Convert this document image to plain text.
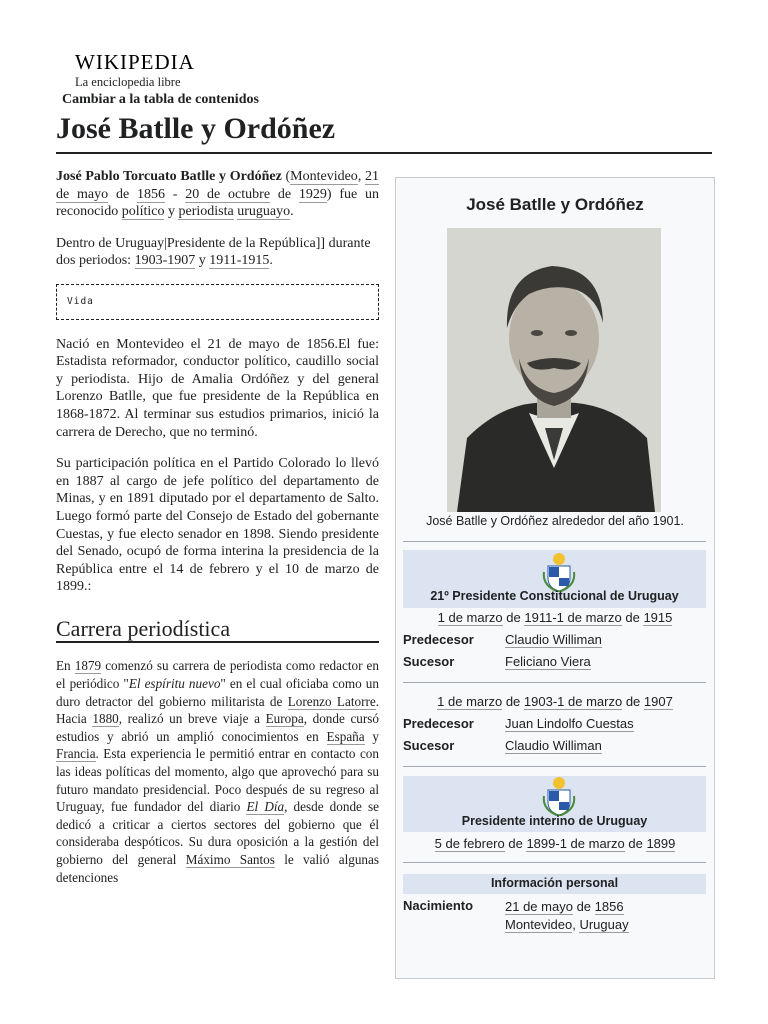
WIKIPEDIA
La enciclopedia libre
Cambiar a la tabla de contenidos
José Batlle y Ordóñez

José Pablo Torcuato Batlle y Ordóñez (Montevideo, 21 de mayo de 1856 - 20 de octubre de 1929) fue un reconocido político y periodista uruguayo.

Dentro de Uruguay|Presidente de la República]] durante dos periodos: 1903-1907 y 1911-1915.

Vida

Nació en Montevideo el 21 de mayo de 1856.El fue: Estadista reformador, conductor político, caudillo social y periodista. Hijo de Amalia Ordóñez y del general Lorenzo Batlle, que fue presidente de la República en 1868-1872. Al terminar sus estudios primarios, inició la carrera de Derecho, que no terminó.

Su participación política en el Partido Colorado lo llevó en 1887 al cargo de jefe político del departamento de Minas, y en 1891 diputado por el departamento de Salto. Luego formó parte del Consejo de Estado del gobernante Cuestas, y fue electo senador en 1898. Siendo presidente del Senado, ocupó de forma interina la presidencia de la República entre el 14 de febrero y el 10 de marzo de 1899.:

Carrera periodística

En 1879 comenzó su carrera de periodista como redactor en el periódico "El espíritu nuevo" en el cual oficiaba como un duro detractor del gobierno militarista de Lorenzo Latorre. Hacia 1880, realizó un breve viaje a Europa, donde cursó estudios y abrió un amplió conocimientos en España y Francia. Esta experiencia le permitió entrar en contacto con las ideas políticas del momento, algo que aprovechó para su futuro mandato presidencial. Poco después de su regreso al Uruguay, fue fundador del diario El Día, desde donde se dedicó a criticar a ciertos sectores del gobierno que él consideraba despóticos. Su dura oposición a la gestión del gobierno del general Máximo Santos le valió algunas detenciones

José Batlle y Ordóñez
José Batlle y Ordóñez alrededor del año 1901.
21º Presidente Constitucional de Uruguay
1 de marzo de 1911-1 de marzo de 1915
Predecesor Claudio Williman
Sucesor	Feliciano Viera
1 de marzo de 1903-1 de marzo de 1907
Predecesor Juan Lindolfo Cuestas
Sucesor	Claudio Williman
Presidente interino de Uruguay
5 de febrero de 1899-1 de marzo de 1899
Información personal
Nacimiento 21 de mayo de 1856
Montevideo, Uruguay
